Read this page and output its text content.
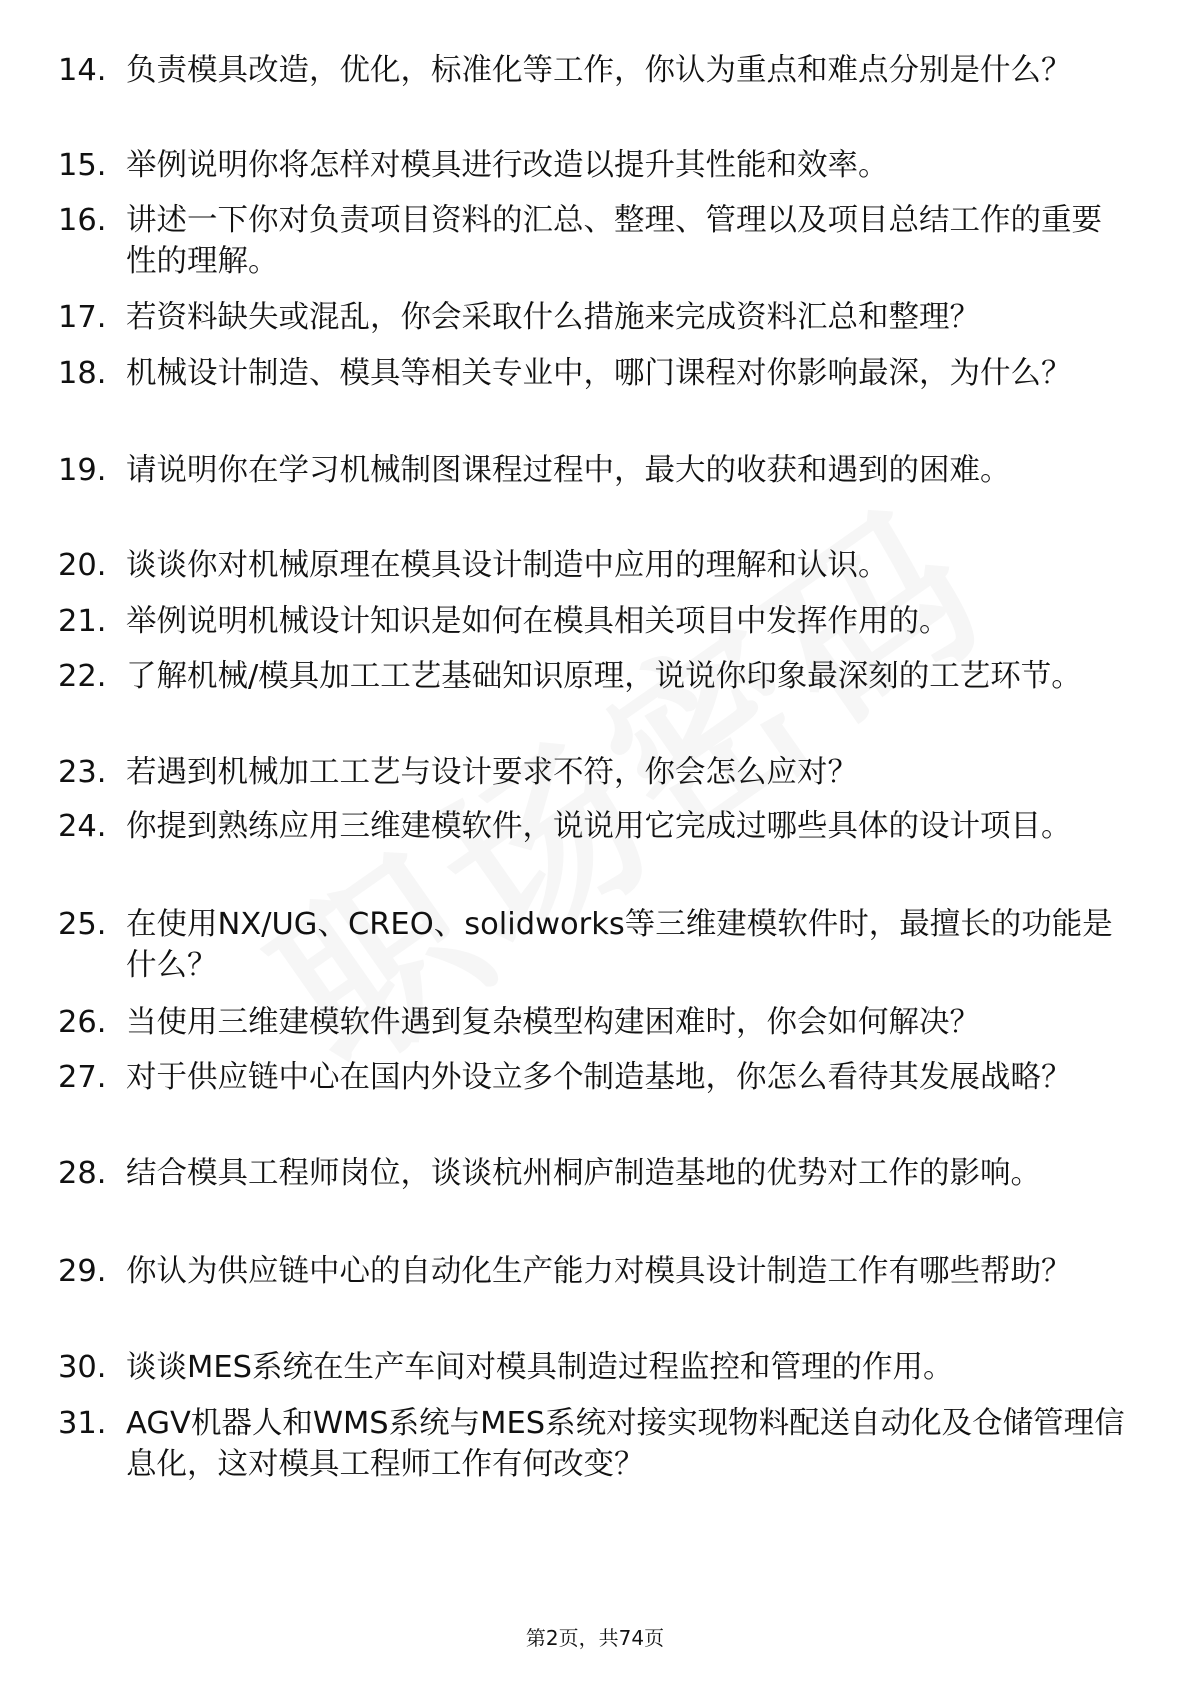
14. 负责模具改造，优化，标准化等工作，你认为重点和难点分别是什么？
15. 举例说明你将怎样对模具进行改造以提升其性能和效率。
16. 讲述一下你对负责项目资料的汇总、整理、管理以及项目总结工作的重要性的理解。
17. 若资料缺失或混乱，你会采取什么措施来完成资料汇总和整理？
18. 机械设计制造、模具等相关专业中，哪门课程对你影响最深，为什么？
19. 请说明你在学习机械制图课程过程中，最大的收获和遇到的困难。
20. 谈谈你对机械原理在模具设计制造中应用的理解和认识。
21. 举例说明机械设计知识是如何在模具相关项目中发挥作用的。
22. 了解机械/模具加工工艺基础知识原理，说说你印象最深刻的工艺环节。
23. 若遇到机械加工工艺与设计要求不符，你会怎么应对？
24. 你提到熟练应用三维建模软件，说说用它完成过哪些具体的设计项目。
25. 在使用NX/UG、CREO、solidworks等三维建模软件时，最擅长的功能是什么？
26. 当使用三维建模软件遇到复杂模型构建困难时，你会如何解决？
27. 对于供应链中心在国内外设立多个制造基地，你怎么看待其发展战略？
28. 结合模具工程师岗位，谈谈杭州桐庐制造基地的优势对工作的影响。
29. 你认为供应链中心的自动化生产能力对模具设计制造工作有哪些帮助？
30. 谈谈MES系统在生产车间对模具制造过程监控和管理的作用。
31. AGV机器人和WMS系统与MES系统对接实现物料配送自动化及仓储管理信息化，这对模具工程师工作有何改变？
第2页，共74页
